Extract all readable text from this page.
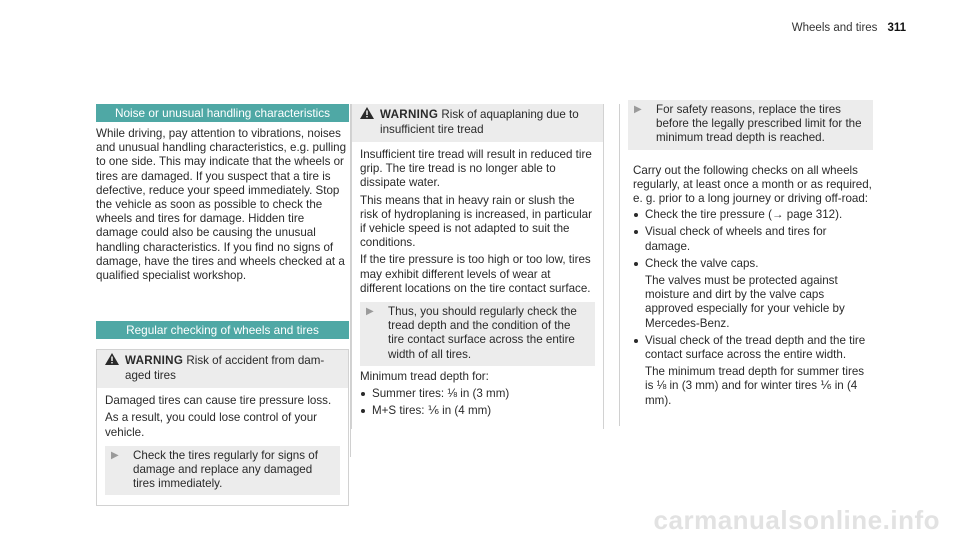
Wheels and tires 311
Noise or unusual handling characteristics

While driving, pay attention to vibrations, noises and unusual handling characteristics, e.g. pulling to one side. This may indicate that the wheels or tires are damaged. If you suspect that a tire is defective, reduce your speed immediately. Stop the vehicle as soon as possible to check the wheels and tires for damage. Hidden tire damage could also be causing the unusual handling characteristics. If you find no signs of damage, have the tires and wheels checked at a qualified specialist workshop.

Regular checking of wheels and tires
WARNING Risk of accident from dam-
aged tires

Damaged tires can cause tire pressure loss.

As a result, you could lose control of your vehicle.

▶	Check the tires regularly for signs of damage and replace any damaged tires immediately.
WARNING Risk of aquaplaning due to
insufficient tire tread

Insufficient tire tread will result in reduced tire grip. The tire tread is no longer able to dissipate water.

This means that in heavy rain or slush the risk of hydroplaning is increased, in particular if vehicle speed is not adapted to suit the conditions.

If the tire pressure is too high or too low, tires may exhibit different levels of wear at different locations on the tire contact surface.

▶	Thus, you should regularly check the tread depth and the condition of the tire contact surface across the entire width of all tires.

Minimum tread depth for:

Summer tires: ⅛ in (3 mm)
M+S tires: ⅙ in (4 mm)
▶	For safety reasons, replace the tires before the legally prescribed limit for the minimum tread depth is reached.

Carry out the following checks on all wheels regularly, at least once a month or as required, e. g. prior to a long journey or driving off-road:

Check the tire pressure (→ page 312).
Visual check of wheels and tires for damage.
Check the valve caps.
The valves must be protected against moisture and dirt by the valve caps approved especially for your vehicle by Mercedes-Benz.
Visual check of the tread depth and the tire contact surface across the entire width.
The minimum tread depth for summer tires is ⅛ in (3 mm) and for winter tires ⅙ in (4 mm).
carmanualsonline.info
